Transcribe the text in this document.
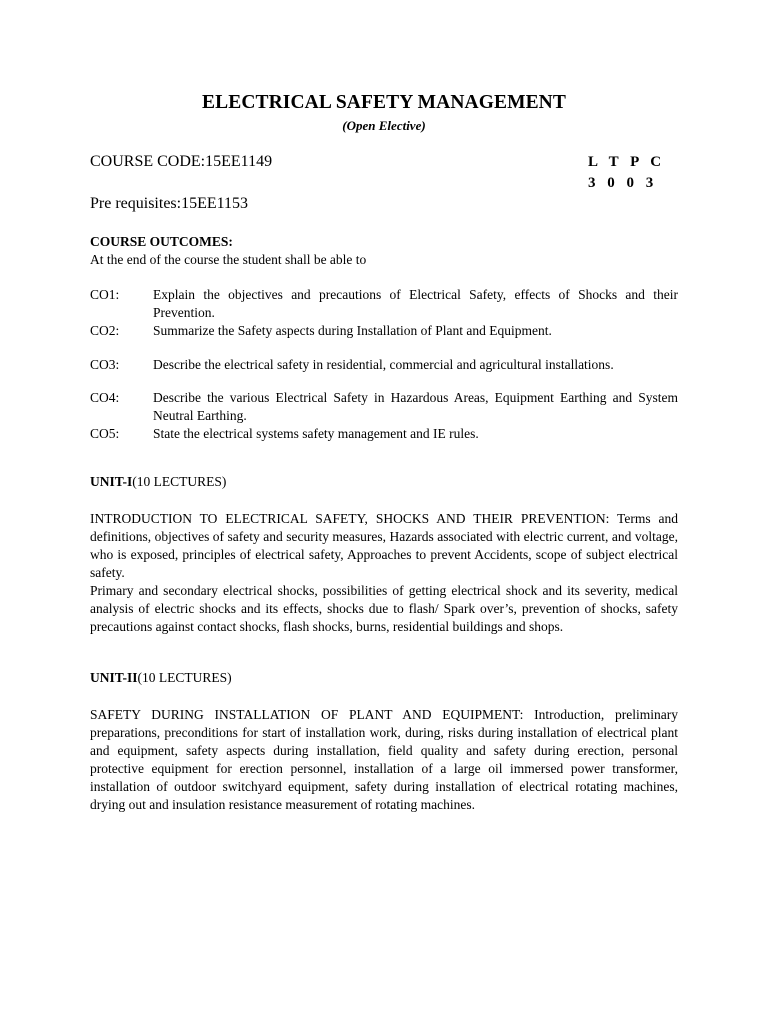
ELECTRICAL SAFETY MANAGEMENT
(Open Elective)
COURSE CODE:15EE1149	L T P C
3 0 0 3
Pre requisites:15EE1153
COURSE OUTCOMES:
At the end of the course the student shall be able to
CO1: Explain the objectives and precautions of Electrical Safety, effects of Shocks and their Prevention.
CO2: Summarize the Safety aspects during Installation of Plant and Equipment.
CO3: Describe the electrical safety in residential, commercial and agricultural installations.
CO4: Describe the various Electrical Safety in Hazardous Areas, Equipment Earthing and System Neutral Earthing.
CO5: State the electrical systems safety management and IE rules.
UNIT-I(10 LECTURES)

INTRODUCTION TO ELECTRICAL SAFETY, SHOCKS AND THEIR PREVENTION: Terms and definitions, objectives of safety and security measures, Hazards associated with electric current, and voltage, who is exposed, principles of electrical safety, Approaches to prevent Accidents, scope of subject electrical safety.

Primary and secondary electrical shocks, possibilities of getting electrical shock and its severity, medical analysis of electric shocks and its effects, shocks due to flash/ Spark over’s, prevention of shocks, safety precautions against contact shocks, flash shocks, burns, residential buildings and shops.

UNIT-II(10 LECTURES)

SAFETY DURING INSTALLATION OF PLANT AND EQUIPMENT: Introduction, preliminary preparations, preconditions for start of installation work, during, risks during installation of electrical plant and equipment, safety aspects during installation, field quality and safety during erection, personal protective equipment for erection personnel, installation of a large oil immersed power transformer, installation of outdoor switchyard equipment, safety during installation of electrical rotating machines, drying out and insulation resistance measurement of rotating machines.
